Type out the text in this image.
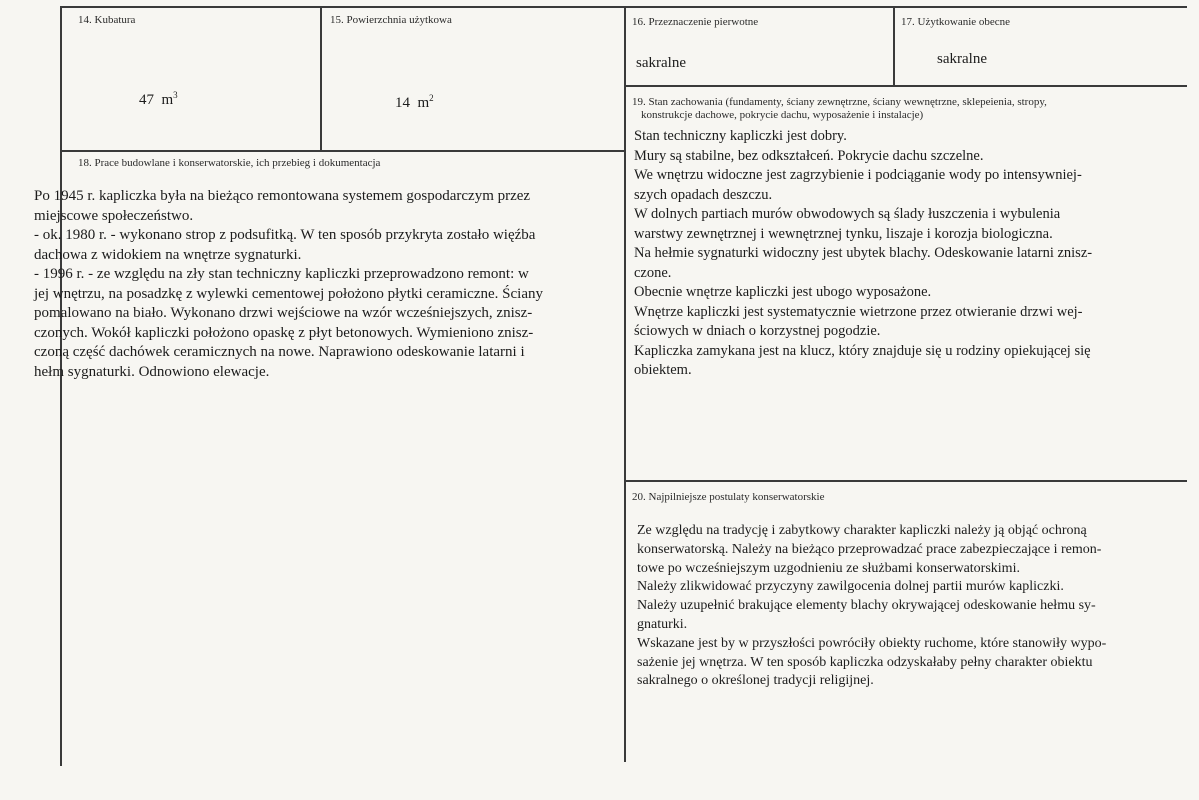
14. Kubatura
47 $m^3$
15. Powierzchnia użytkowa
14 $m^2$
16. Przeznaczenie pierwotne
sakralne
17. Użytkowanie obecne
sakralne
19. Stan zachowania (fundamenty, ściany zewnętrzne, ściany wewnętrzne, sklepeienia, stropy,
konstrukcje dachowe, pokrycie dachu, wyposażenie i instalacje)
Stan techniczny kapliczki jest dobry.
Mury są stabilne, bez odkształceń. Pokrycie dachu szczelne.
We wnętrzu widoczne jest zagrzybienie i podciąganie wody po intensywniej-
szych opadach deszczu.
W dolnych partiach murów obwodowych są ślady łuszczenia i wybulenia
warstwy zewnętrznej i wewnętrznej tynku, liszaje i korozja biologiczna.
Na hełmie sygnaturki widoczny jest ubytek blachy. Odeskowanie latarni znisz-
czone.
Obecnie wnętrze kapliczki jest ubogo wyposażone.
Wnętrze kapliczki jest systematycznie wietrzone przez otwieranie drzwi wej-
ściowych w dniach o korzystnej pogodzie.
Kapliczka zamykana jest na klucz, który znajduje się u rodziny opiekującej się
obiektem.
18. Prace budowlane i konserwatorskie, ich przebieg i dokumentacja
Po 1945 r. kapliczka była na bieżąco remontowana systemem gospodarczym przez
miejscowe społeczeństwo.
- ok. 1980 r. - wykonano strop z podsufitką. W ten sposób przykryta zostało więźba
dachowa z widokiem na wnętrze sygnaturki.
- 1996 r. - ze względu na zły stan techniczny kapliczki przeprowadzono remont: w
jej wnętrzu, na posadzkę z wylewki cementowej położono płytki ceramiczne. Ściany
pomalowano na biało. Wykonano drzwi wejściowe na wzór wcześniejszych, znisz-
czonych. Wokół kapliczki położono opaskę z płyt betonowych. Wymieniono znisz-
czoną część dachówek ceramicznych na nowe. Naprawiono odeskowanie latarni i
hełm sygnaturki. Odnowiono elewacje.
20. Najpilniejsze postulaty konserwatorskie
Ze względu na tradycję i zabytkowy charakter kapliczki należy ją objąć ochroną
konserwatorską. Należy na bieżąco przeprowadzać prace zabezpieczające i remon-
towe po wcześniejszym uzgodnieniu ze służbami konserwatorskimi.
Należy zlikwidować przyczyny zawilgocenia dolnej partii murów kapliczki.
Należy uzupełnić brakujące elementy blachy okrywającej odeskowanie hełmu sy-
gnaturki.
Wskazane jest by w przyszłości powróciły obiekty ruchome, które stanowiły wypo-
sażenie jej wnętrza. W ten sposób kapliczka odzyskałaby pełny charakter obiektu
sakralnego o określonej tradycji religijnej.
